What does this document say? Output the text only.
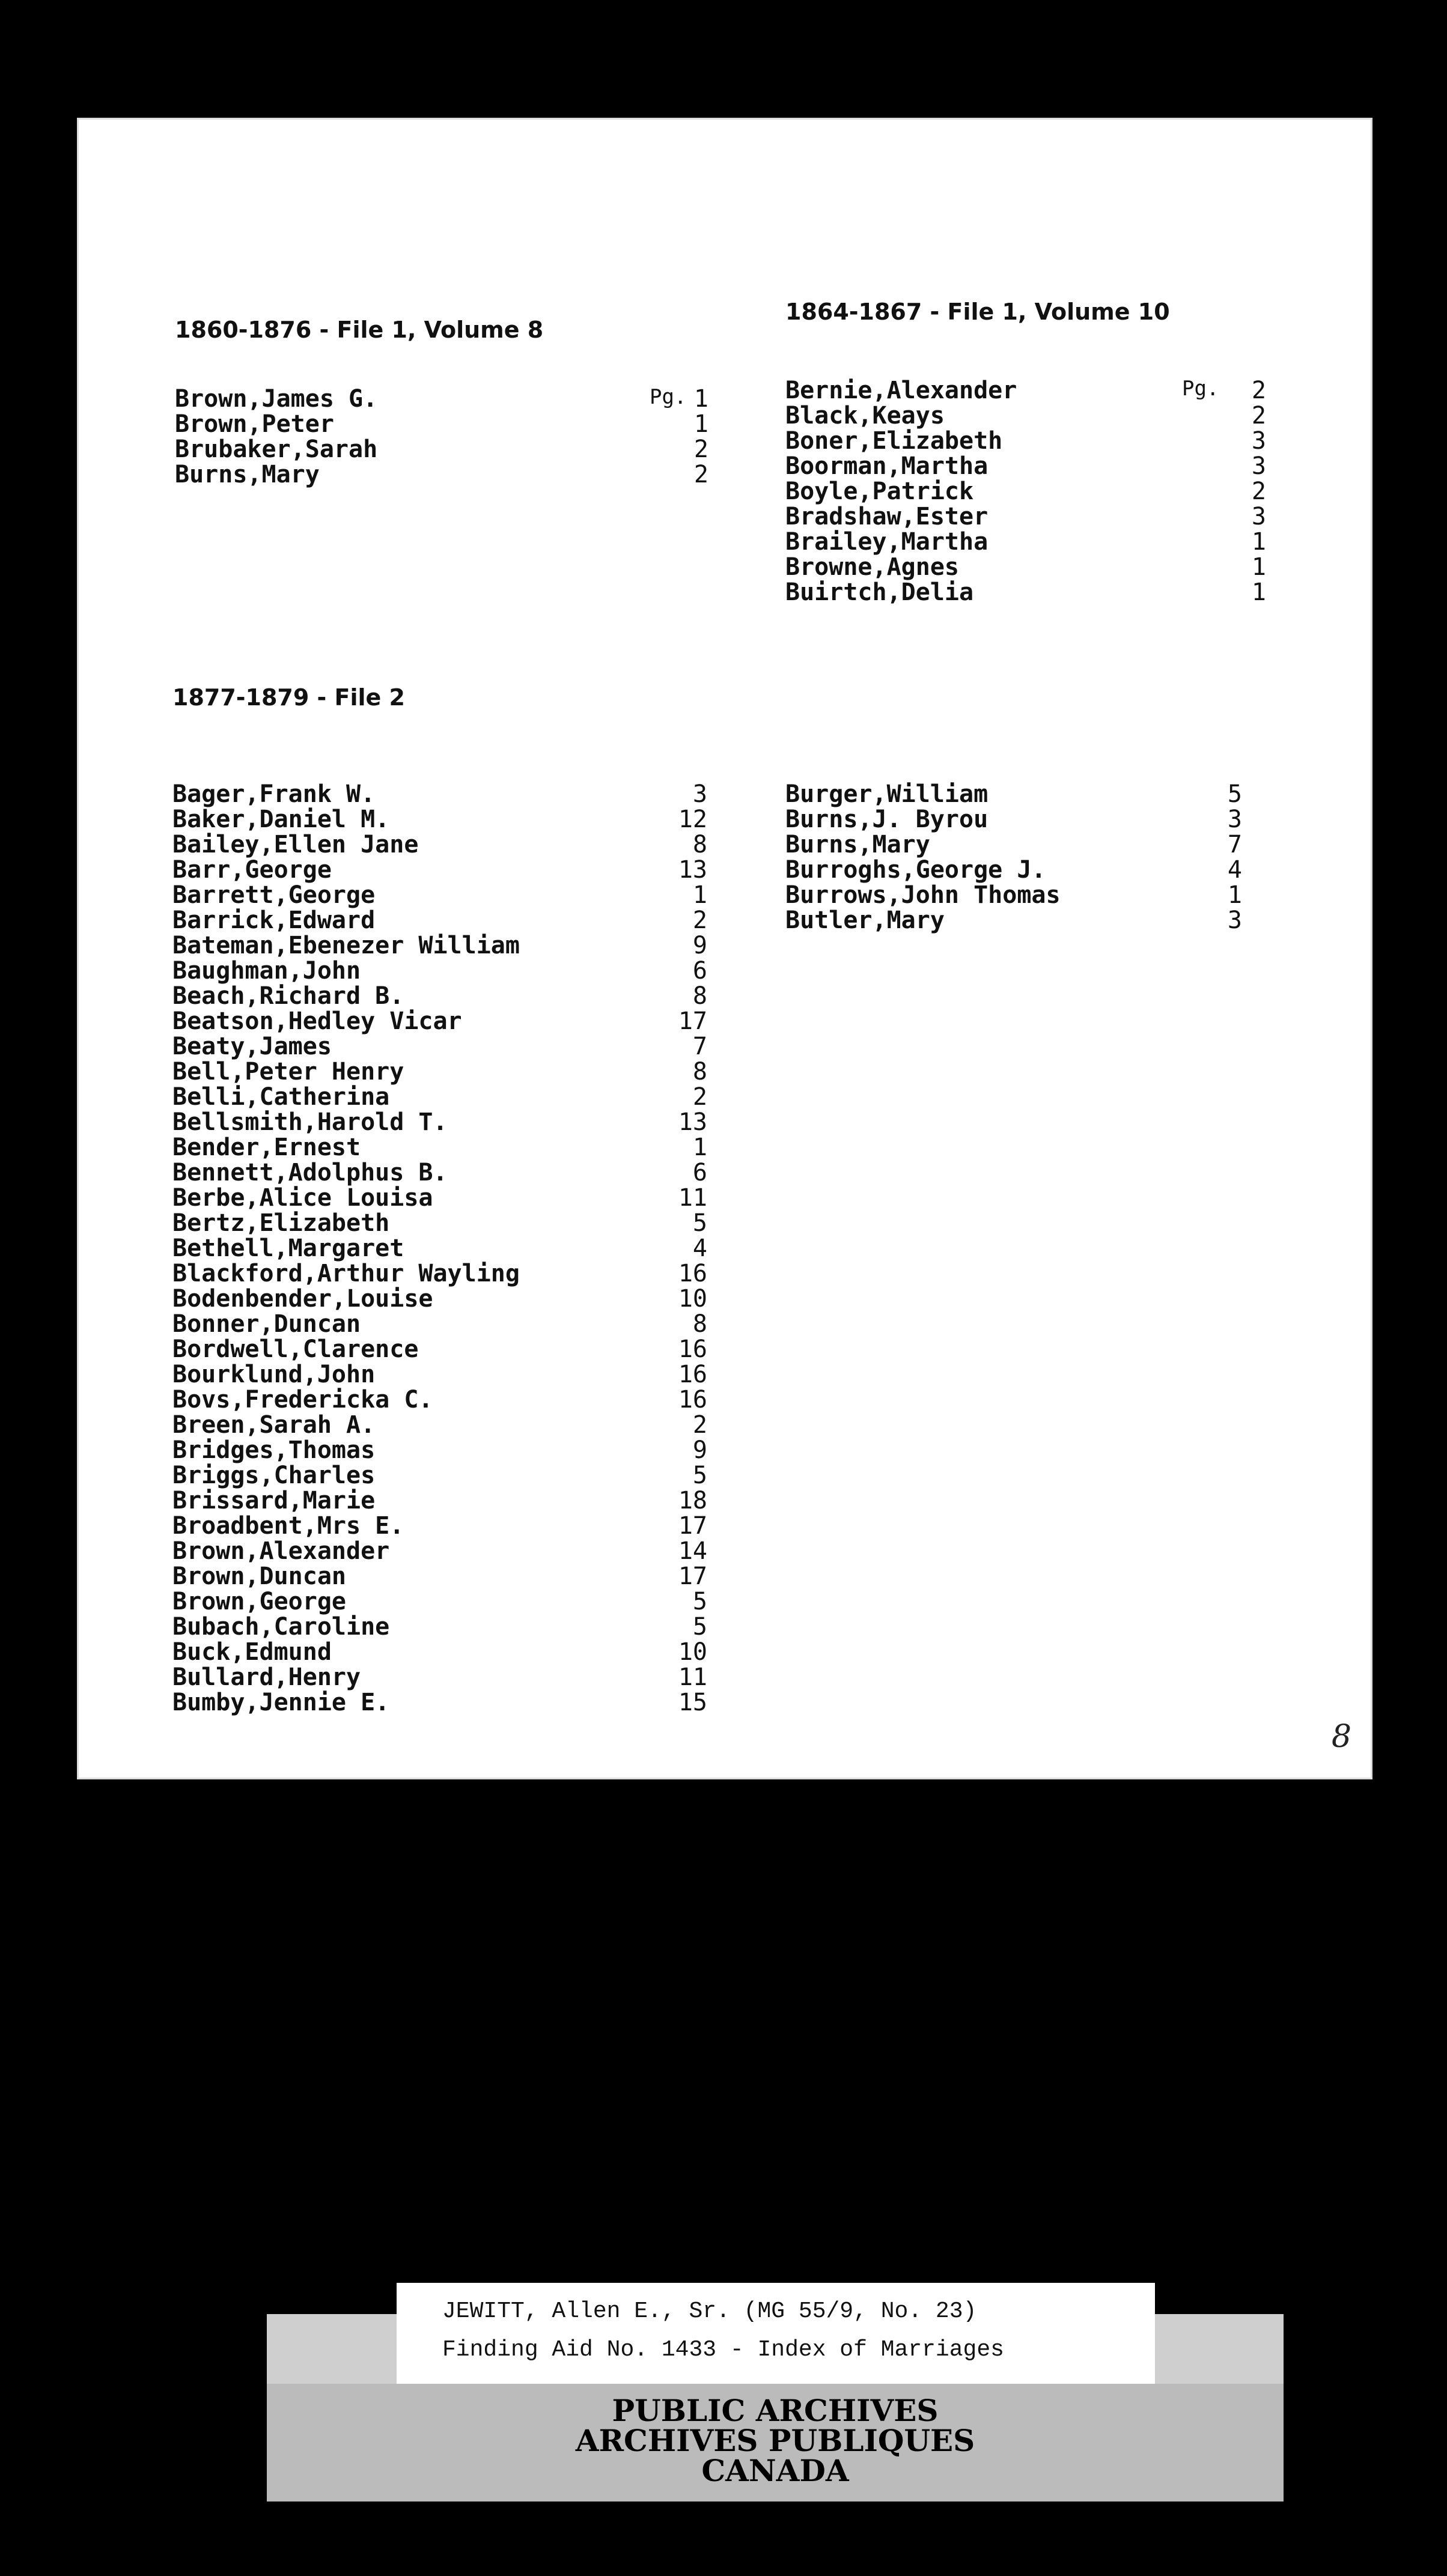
1860-1876 - File 1, Volume 8
Brown,James G.	Pg. 1
Brown,Peter	1
Brubaker,Sarah	2
Burns,Mary	2
1864-1867 - File 1, Volume 10
Bernie,Alexander	Pg.	2
Black,Keays	2
Boner,Elizabeth	3
Boorman,Martha	3
Boyle,Patrick	2
Bradshaw,Ester	3
Brailey,Martha	1
Browne,Agnes	1
Buirtch,Delia	1
1877-1879 - File 2
Bager,Frank W.	3
Baker,Daniel M.	12
Bailey,Ellen Jane	8
Barr,George	13
Barrett,George	1
Barrick,Edward	2
Bateman,Ebenezer William	9
Baughman,John	6
Beach,Richard B.	8
Beatson,Hedley Vicar	17
Beaty,James	7
Bell,Peter Henry	8
Belli,Catherina	2
Bellsmith,Harold T.	13
Bender,Ernest	1
Bennett,Adolphus B.	6
Berbe,Alice Louisa	11
Bertz,Elizabeth	5
Bethell,Margaret	4
Blackford,Arthur Wayling	16
Bodenbender,Louise	10
Bonner,Duncan	8
Bordwell,Clarence	16
Bourklund,John	16
Bovs,Fredericka C.	16
Breen,Sarah A.	2
Bridges,Thomas	9
Briggs,Charles	5
Brissard,Marie	18
Broadbent,Mrs E.	17
Brown,Alexander	14
Brown,Duncan	17
Brown,George	5
Bubach,Caroline	5
Buck,Edmund	10
Bullard,Henry	11
Bumby,Jennie E.	15
Burger,William	5
Burns,J. Byrou	3
Burns,Mary	7
Burroghs,George J.	4
Burrows,John Thomas	1
Butler,Mary	3
8
JEWITT, Allen E., Sr. (MG 55/9, No. 23)
Finding Aid No. 1433 - Index of Marriages
PUBLIC ARCHIVES
ARCHIVES PUBLIQUES
CANADA
